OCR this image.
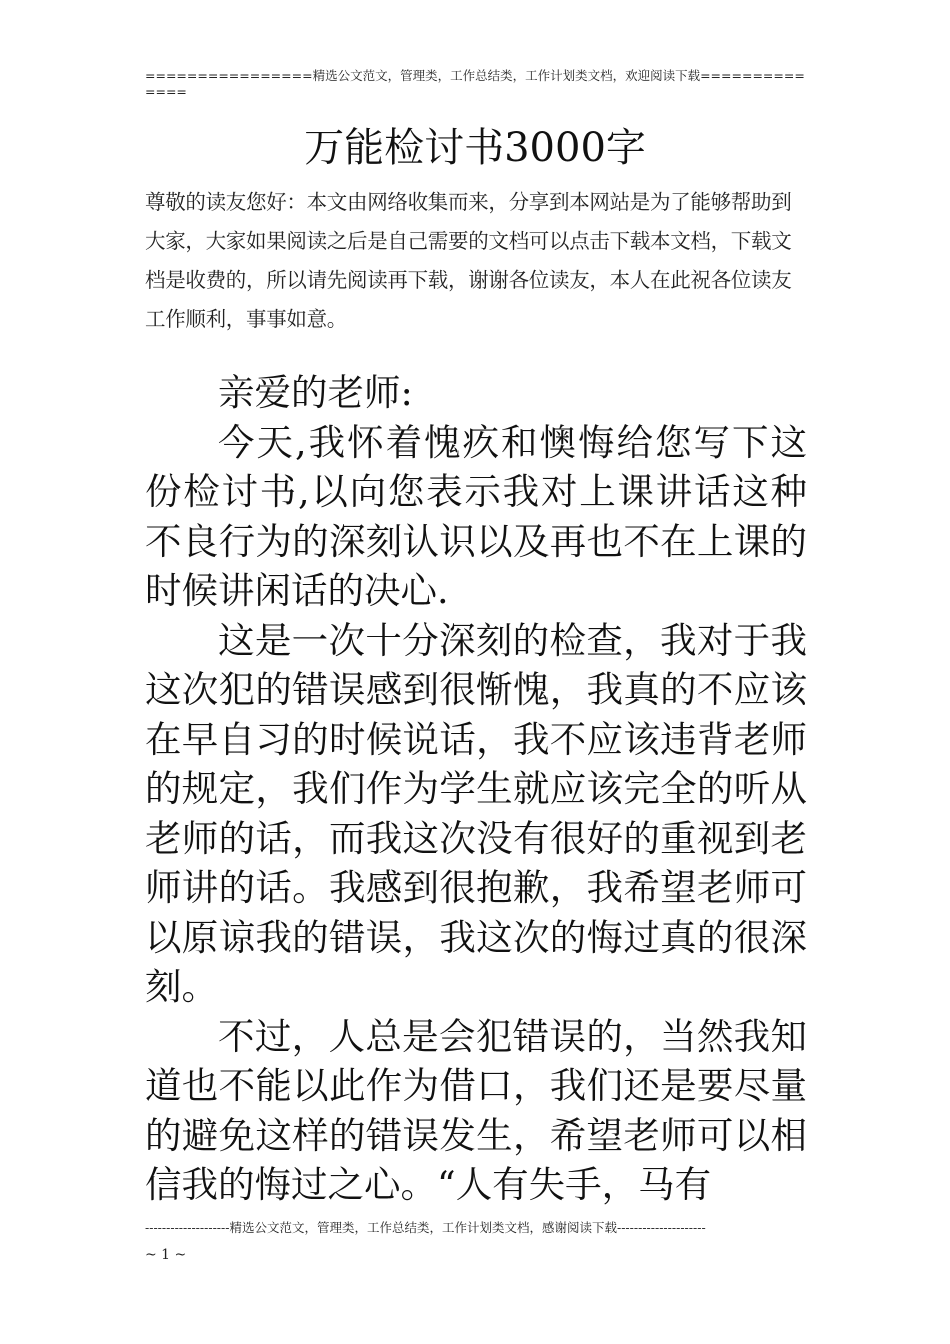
================精选公文范文，管理类，工作总结类，工作计划类文档，欢迎阅读下载==============
万能检讨书3000字
尊敬的读友您好：本文由网络收集而来，分享到本网站是为了能够帮助到大家，大家如果阅读之后是自己需要的文档可以点击下载本文档，下载文档是收费的，所以请先阅读再下载，谢谢各位读友，本人在此祝各位读友工作顺利，事事如意。

亲爱的老师:

今天,我怀着愧疚和懊悔给您写下这份检讨书,以向您表示我对上课讲话这种不良行为的深刻认识以及再也不在上课的时候讲闲话的决心.

这是一次十分深刻的检查，我对于我这次犯的错误感到很惭愧，我真的不应该在早自习的时候说话，我不应该违背老师的规定，我们作为学生就应该完全的听从老师的话，而我这次没有很好的重视到老师讲的话。我感到很抱歉，我希望老师可以原谅我的错误，我这次的悔过真的很深刻。

不过，人总是会犯错误的，当然我知道也不能以此作为借口，我们还是要尽量的避免这样的错误发生，希望老师可以相信我的悔过之心。“人有失手，马有

--------------------精选公文范文，管理类，工作总结类，工作计划类文档，感谢阅读下载---------------------
~ 1 ~
